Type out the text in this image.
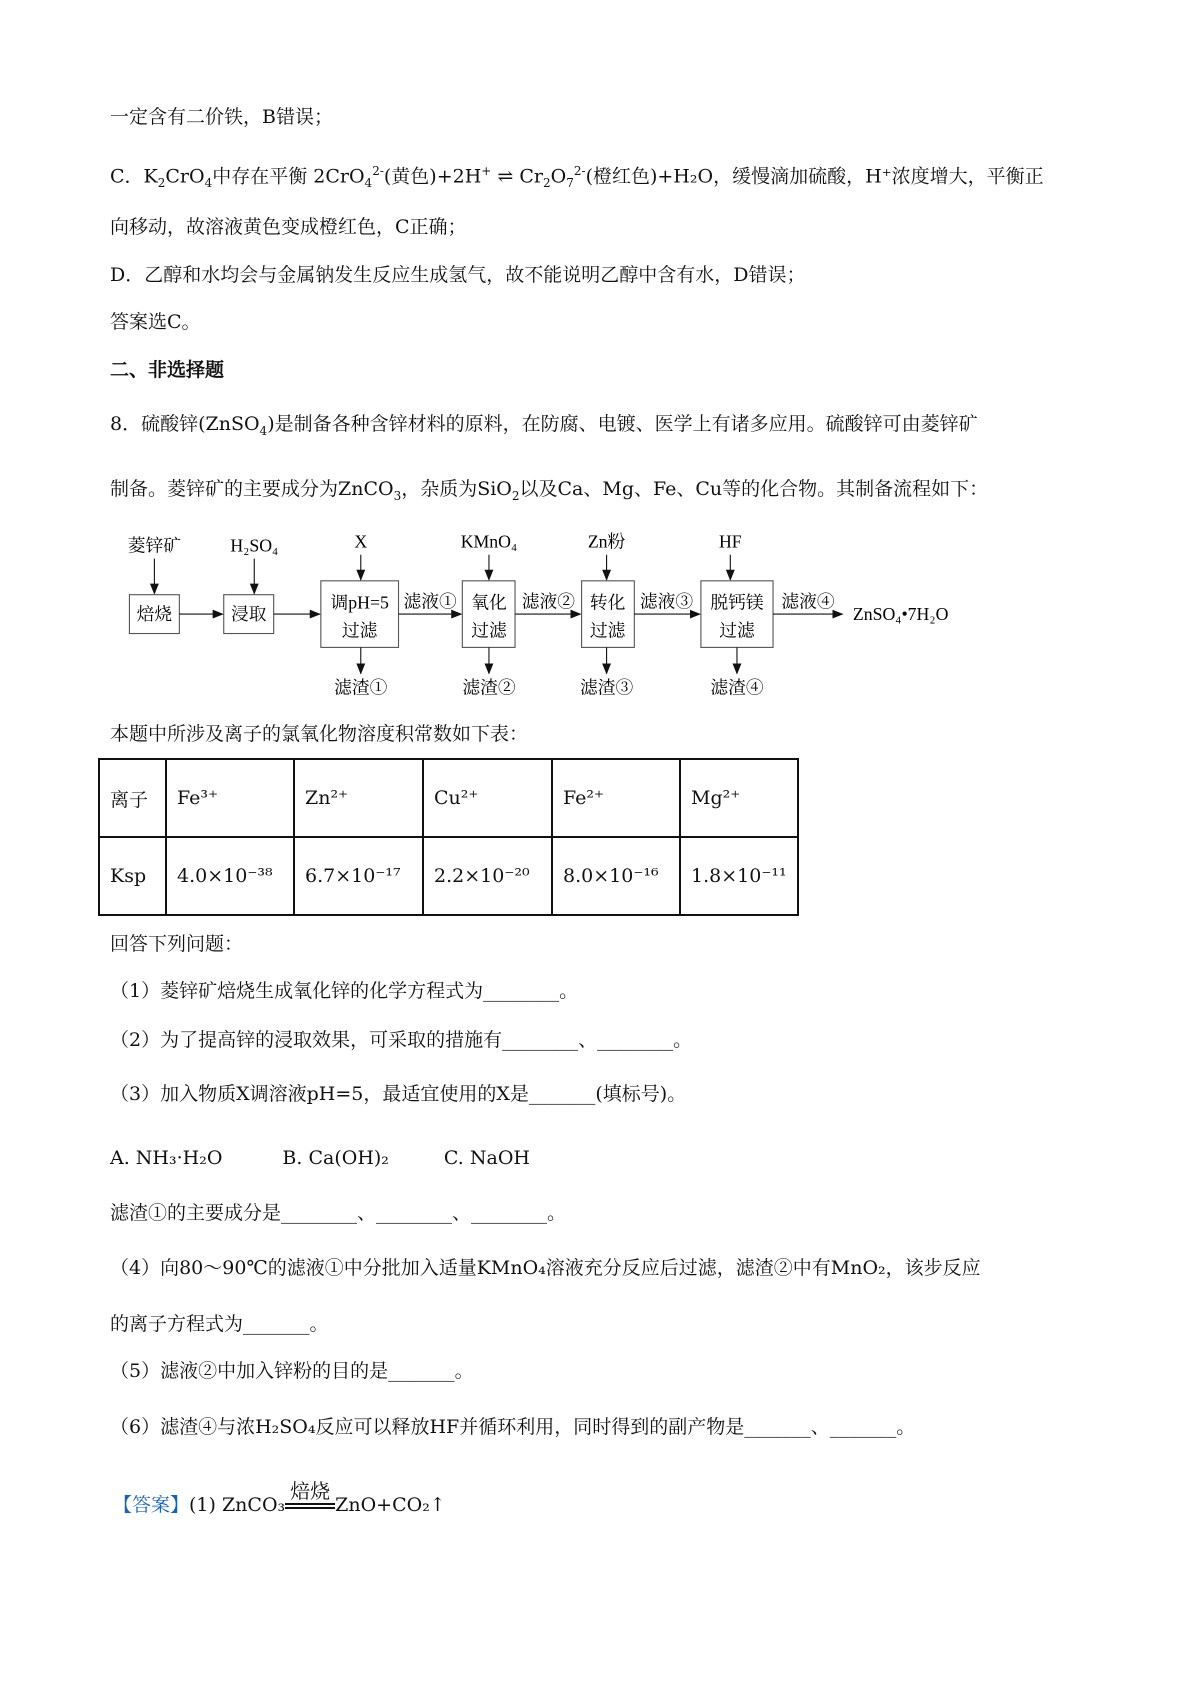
一定含有二价铁，B错误；
C．$K_2CrO_4$中存在平衡 2CrO$_4^{2-}$(黄色)+2H+ ⇌ $Cr_2O_7^{2-}$(橙红色)+H₂O，缓慢滴加硫酸，H⁺浓度增大，平衡正
向移动，故溶液黄色变成橙红色，C正确；
D．乙醇和水均会与金属钠发生反应生成氢气，故不能说明乙醇中含有水，D错误；
答案选C。
二、非选择题
8．硫酸锌(ZnSO$_4$)是制备各种含锌材料的原料，在防腐、电镀、医学上有诸多应用。硫酸锌可由菱锌矿
制备。菱锌矿的主要成分为ZnCO$_3$，杂质为SiO$_2$以及Ca、Mg、Fe、Cu等的化合物。其制备流程如下：
菱锌矿 H₂SO₄ X	KMnO₄ Zn粉	HF
焙烧 浸取
调pH=5
过滤
氧化
过滤
转化
过滤
脱钙镁
过滤
滤液① 滤液② 滤液③	滤液④
滤渣① 滤渣② 滤渣③ 滤渣④
ZnSO₄•7H₂O
本题中所涉及离子的氯氧化物溶度积常数如下表：
离子	Fe³⁺	Zn²⁺	Cu²⁺	Fe²⁺	Mg²⁺
Ksp	4.0×10⁻³⁸	6.7×10⁻¹⁷	2.2×10⁻²⁰	8.0×10⁻¹⁶	1.8×10⁻¹¹
回答下列问题：
（1）菱锌矿焙烧生成氧化锌的化学方程式为________。
（2）为了提高锌的浸取效果，可采取的措施有________、________。
（3）加入物质X调溶液pH=5，最适宜使用的X是_______(填标号)。
A. NH₃·H₂O	B. Ca(OH)₂	C. NaOH
滤渣①的主要成分是________、________、________。
（4）向80～90℃的滤液①中分批加入适量KMnO₄溶液充分反应后过滤，滤渣②中有MnO₂，该步反应
的离子方程式为_______。
（5）滤液②中加入锌粉的目的是_______。
（6）滤渣④与浓H₂SO₄反应可以释放HF并循环利用，同时得到的副产物是_______、_______。
【答案】(1) ZnCO₃
焙烧
ZnO+CO₂↑
